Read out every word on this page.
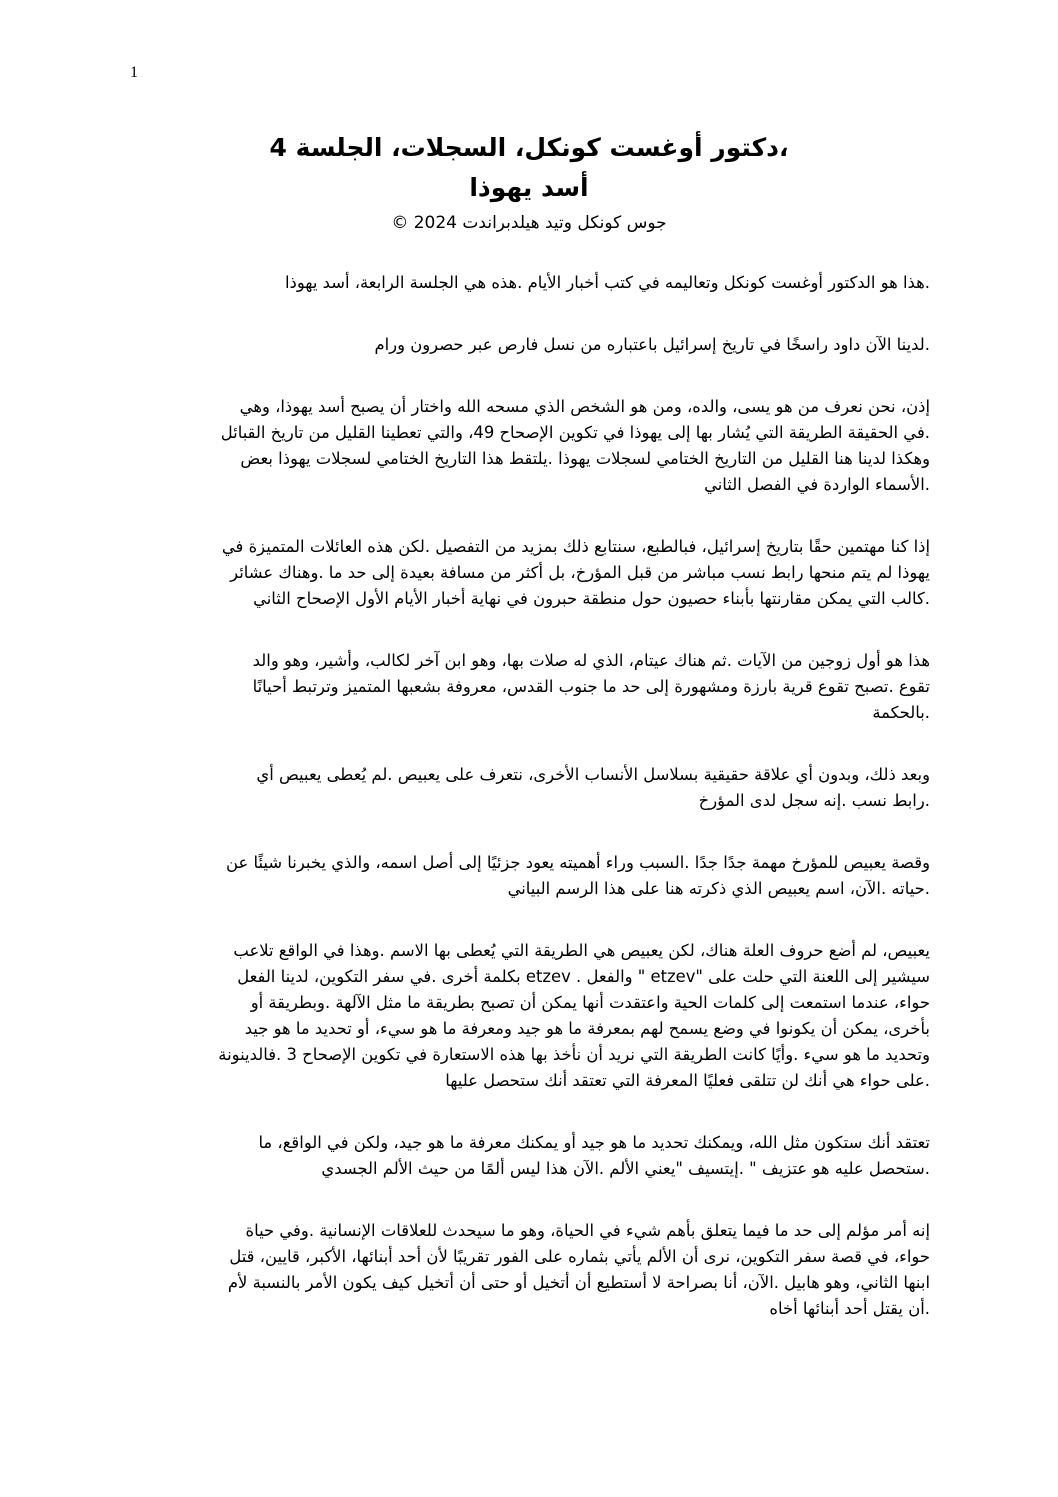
1
،دكتور أوغست كونكل، السجلات، الجلسة 4
أسد يهوذا
جوس كونكل وتيد هيلدبراندت 2024 ©
.هذا هو الدكتور أوغست كونكل وتعاليمه في كتب أخبار الأيام .هذه هي الجلسة الرابعة، أسد يهوذا
.لدينا الآن داود راسخًا في تاريخ إسرائيل باعتباره من نسل فارص عبر حصرون ورام
إذن، نحن نعرف من هو يسى، والده، ومن هو الشخص الذي مسحه الله واختار أن يصبح أسد يهوذا، وهي
.في الحقيقة الطريقة التي يُشار بها إلى يهوذا في تكوين الإصحاح 49، والتي تعطينا القليل من تاريخ القبائل
وهكذا لدينا هنا القليل من التاريخ الختامي لسجلات يهوذا .يلتقط هذا التاريخ الختامي لسجلات يهوذا بعض
.الأسماء الواردة في الفصل الثاني
إذا كنا مهتمين حقًا بتاريخ إسرائيل، فبالطبع، سنتابع ذلك بمزيد من التفصيل .لكن هذه العائلات المتميزة في
يهوذا لم يتم منحها رابط نسب مباشر من قبل المؤرخ، بل أكثر من مسافة بعيدة إلى حد ما .وهناك عشائر
.كالب التي يمكن مقارنتها بأبناء حصيون حول منطقة حبرون في نهاية أخبار الأيام الأول الإصحاح الثاني
هذا هو أول زوجين من الآيات .ثم هناك عيتام، الذي له صلات بها، وهو ابن آخر لكالب، وأشير، وهو والد
تقوع .تصبح تقوع قرية بارزة ومشهورة إلى حد ما جنوب القدس، معروفة بشعبها المتميز وترتبط أحيانًا
.بالحكمة
وبعد ذلك، وبدون أي علاقة حقيقية بسلاسل الأنساب الأخرى، نتعرف على يعبيص .لم يُعطى يعبيص أي
.رابط نسب .إنه سجل لدى المؤرخ
وقصة يعبيص للمؤرخ مهمة جدًا جدًا .السبب وراء أهميته يعود جزئيًا إلى أصل اسمه، والذي يخبرنا شيئًا عن
.حياته .الآن، اسم يعبيص الذي ذكرته هنا على هذا الرسم البياني
يعبيص، لم أضع حروف العلة هناك، لكن يعبيص هي الطريقة التي يُعطى بها الاسم .وهذا في الواقع تلاعب
سيشير إلى اللعنة التي حلت على "etzev " والفعل . etzev بكلمة أخرى .في سفر التكوين، لدينا الفعل
حواء، عندما استمعت إلى كلمات الحية واعتقدت أنها يمكن أن تصبح بطريقة ما مثل الآلهة .وبطريقة أو
بأخرى، يمكن أن يكونوا في وضع يسمح لهم بمعرفة ما هو جيد ومعرفة ما هو سيء، أو تحديد ما هو جيد
وتحديد ما هو سيء .وأيًا كانت الطريقة التي نريد أن نأخذ بها هذه الاستعارة في تكوين الإصحاح 3 .فالدينونة
.على حواء هي أنك لن تتلقى فعليًا المعرفة التي تعتقد أنك ستحصل عليها
تعتقد أنك ستكون مثل الله، ويمكنك تحديد ما هو جيد أو يمكنك معرفة ما هو جيد، ولكن في الواقع، ما
.ستحصل عليه هو عتزيف " .إيتسيف "يعني الألم .الآن هذا ليس ألمًا من حيث الألم الجسدي
إنه أمر مؤلم إلى حد ما فيما يتعلق بأهم شيء في الحياة، وهو ما سيحدث للعلاقات الإنسانية .وفي حياة
حواء، في قصة سفر التكوين، نرى أن الألم يأتي بثماره على الفور تقريبًا لأن أحد أبنائها، الأكبر، قايين، قتل
ابنها الثاني، وهو هابيل .الآن، أنا بصراحة لا أستطيع أن أتخيل أو حتى أن أتخيل كيف يكون الأمر بالنسبة لأم
.أن يقتل أحد أبنائها أخاه
